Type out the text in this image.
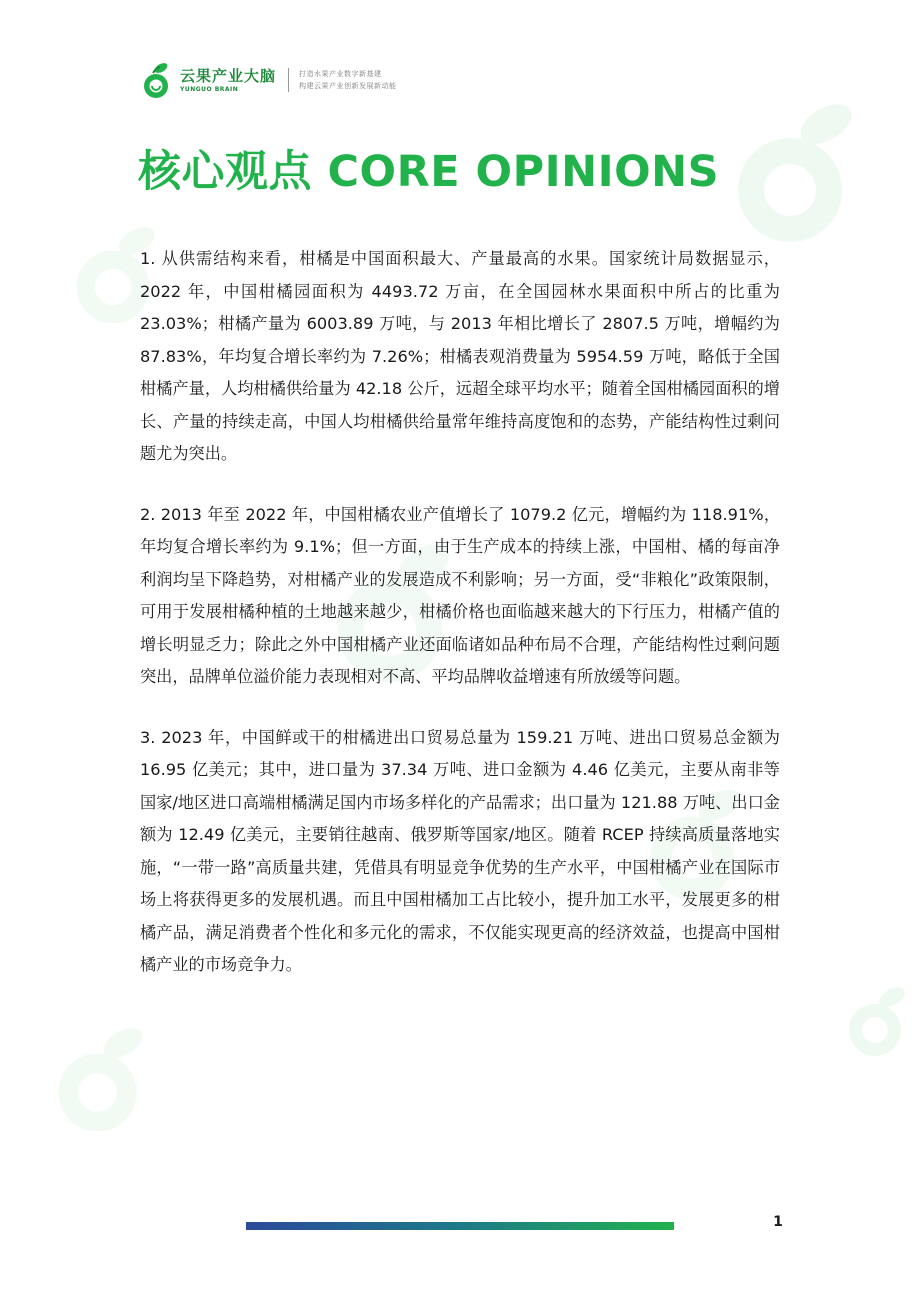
云果产业大脑
YUNGUO BRAIN
打造水果产业数字新基建
构建云果产业创新发展新动能
核心观点 CORE OPINIONS

1. 从供需结构来看，柑橘是中国面积最大、产量最高的水果。国家统计局数据显示，2022 年，中国柑橘园面积为 4493.72 万亩，在全国园林水果面积中所占的比重为 23.03%；柑橘产量为 6003.89 万吨，与 2013 年相比增长了 2807.5 万吨，增幅约为 87.83%，年均复合增长率约为 7.26%；柑橘表观消费量为 5954.59 万吨，略低于全国柑橘产量，人均柑橘供给量为 42.18 公斤，远超全球平均水平；随着全国柑橘园面积的增长、产量的持续走高，中国人均柑橘供给量常年维持高度饱和的态势，产能结构性过剩问题尤为突出。

2. 2013 年至 2022 年，中国柑橘农业产值增长了 1079.2 亿元，增幅约为 118.91%，年均复合增长率约为 9.1%；但一方面，由于生产成本的持续上涨，中国柑、橘的每亩净利润均呈下降趋势，对柑橘产业的发展造成不利影响；另一方面，受“非粮化”政策限制，可用于发展柑橘种植的土地越来越少，柑橘价格也面临越来越大的下行压力，柑橘产值的增长明显乏力；除此之外中国柑橘产业还面临诸如品种布局不合理，产能结构性过剩问题突出，品牌单位溢价能力表现相对不高、平均品牌收益增速有所放缓等问题。

3. 2023 年，中国鲜或干的柑橘进出口贸易总量为 159.21 万吨、进出口贸易总金额为 16.95 亿美元；其中，进口量为 37.34 万吨、进口金额为 4.46 亿美元，主要从南非等国家/地区进口高端柑橘满足国内市场多样化的产品需求；出口量为 121.88 万吨、出口金额为 12.49 亿美元，主要销往越南、俄罗斯等国家/地区。随着 RCEP 持续高质量落地实施，“一带一路”高质量共建，凭借具有明显竞争优势的生产水平，中国柑橘产业在国际市场上将获得更多的发展机遇。而且中国柑橘加工占比较小，提升加工水平，发展更多的柑橘产品，满足消费者个性化和多元化的需求，不仅能实现更高的经济效益，也提高中国柑橘产业的市场竞争力。

1
